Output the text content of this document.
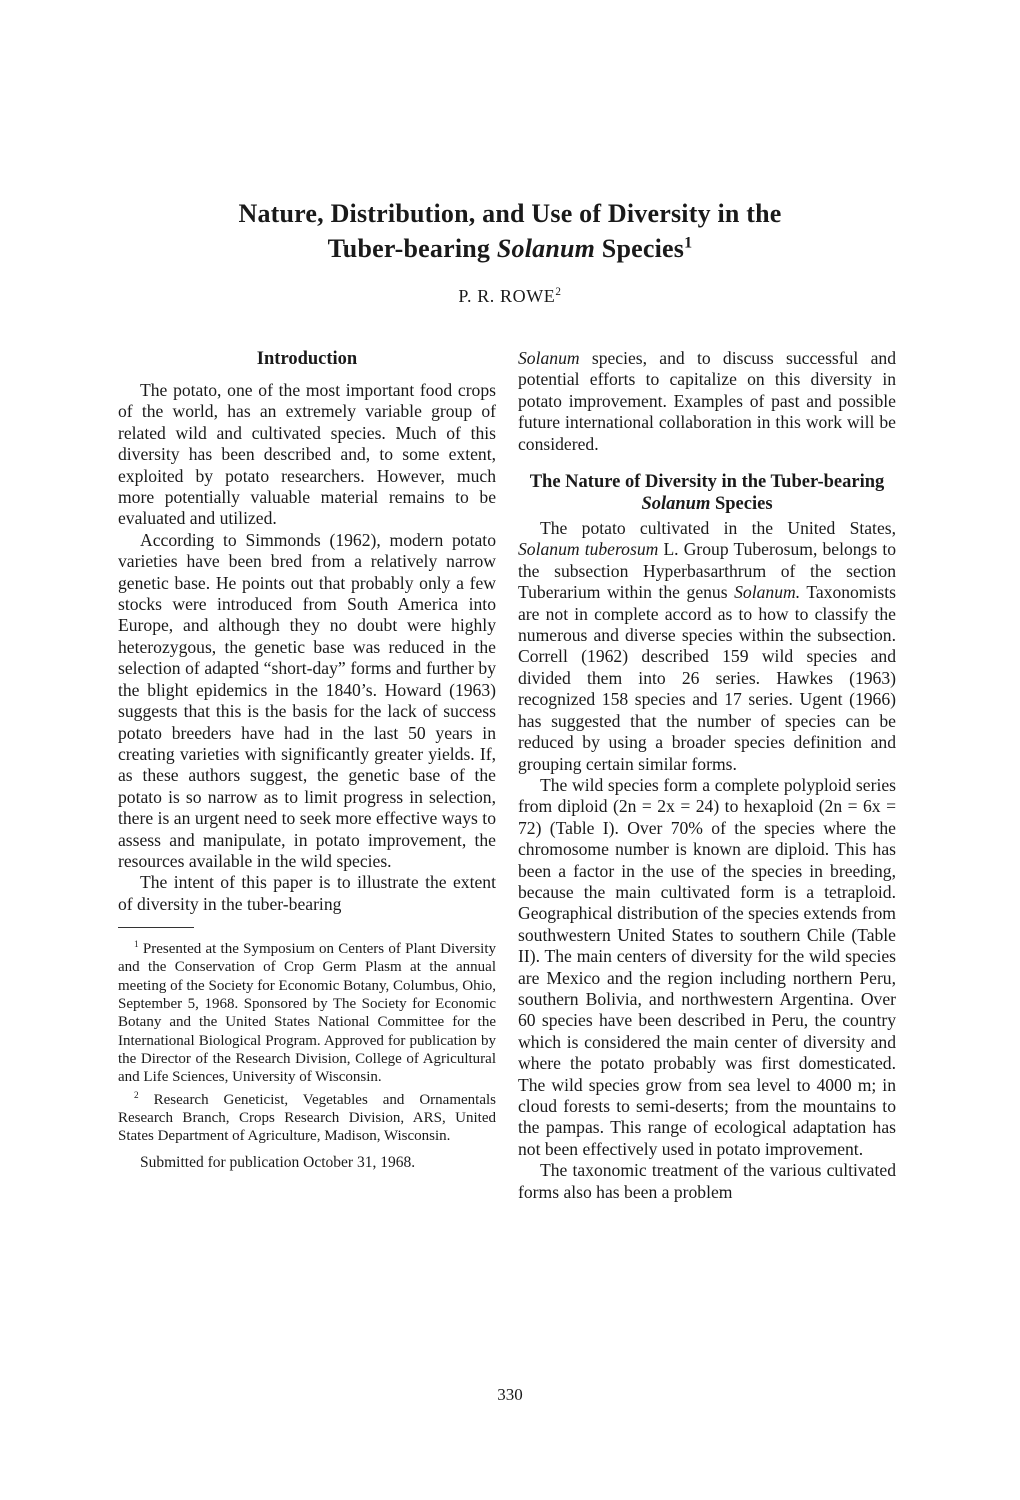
Nature, Distribution, and Use of Diversity in the
Tuber-bearing Solanum Species$^1$
P. R. ROWE$^2$
Introduction

The potato, one of the most important food crops of the world, has an extremely variable group of related wild and cultivated species. Much of this diversity has been described and, to some extent, exploited by potato researchers. However, much more potentially valuable material remains to be evaluated and utilized.

According to Simmonds (1962), modern potato varieties have been bred from a relatively narrow genetic base. He points out that probably only a few stocks were introduced from South America into Europe, and although they no doubt were highly heterozygous, the genetic base was reduced in the selection of adapted “short-day” forms and further by the blight epidemics in the 1840’s. Howard (1963) suggests that this is the basis for the lack of success potato breeders have had in the last 50 years in creating varieties with significantly greater yields. If, as these authors suggest, the genetic base of the potato is so narrow as to limit progress in selection, there is an urgent need to seek more effective ways to assess and manipulate, in potato improvement, the resources available in the wild species.

The intent of this paper is to illustrate the extent of diversity in the tuber-bearing

$^1$ Presented at the Symposium on Centers of Plant Diversity and the Conservation of Crop Germ Plasm at the annual meeting of the Society for Economic Botany, Columbus, Ohio, September 5, 1968. Sponsored by The Society for Economic Botany and the United States National Committee for the International Biological Program. Approved for publication by the Director of the Research Division, College of Agricultural and Life Sciences, University of Wisconsin.

$^2$ Research Geneticist, Vegetables and Ornamentals Research Branch, Crops Research Division, ARS, United States Department of Agriculture, Madison, Wisconsin.

Submitted for publication October 31, 1968.

Solanum species, and to discuss successful and potential efforts to capitalize on this diversity in potato improvement. Examples of past and possible future international collaboration in this work will be considered.

The Nature of Diversity in the Tuber-bearing Solanum Species

The potato cultivated in the United States, Solanum tuberosum L. Group Tuberosum, belongs to the subsection Hyperbasarthrum of the section Tuberarium within the genus Solanum. Taxonomists are not in complete accord as to how to classify the numerous and diverse species within the subsection. Correll (1962) described 159 wild species and divided them into 26 series. Hawkes (1963) recognized 158 species and 17 series. Ugent (1966) has suggested that the number of species can be reduced by using a broader species definition and grouping certain similar forms.

The wild species form a complete polyploid series from diploid (2n = 2x = 24) to hexaploid (2n = 6x = 72) (Table I). Over 70% of the species where the chromosome number is known are diploid. This has been a factor in the use of the species in breeding, because the main cultivated form is a tetraploid. Geographical distribution of the species extends from southwestern United States to southern Chile (Table II). The main centers of diversity for the wild species are Mexico and the region including northern Peru, southern Bolivia, and northwestern Argentina. Over 60 species have been described in Peru, the country which is considered the main center of diversity and where the potato probably was first domesticated. The wild species grow from sea level to 4000 m; in cloud forests to semi-deserts; from the mountains to the pampas. This range of ecological adaptation has not been effectively used in potato improvement.

The taxonomic treatment of the various cultivated forms also has been a problem

330
